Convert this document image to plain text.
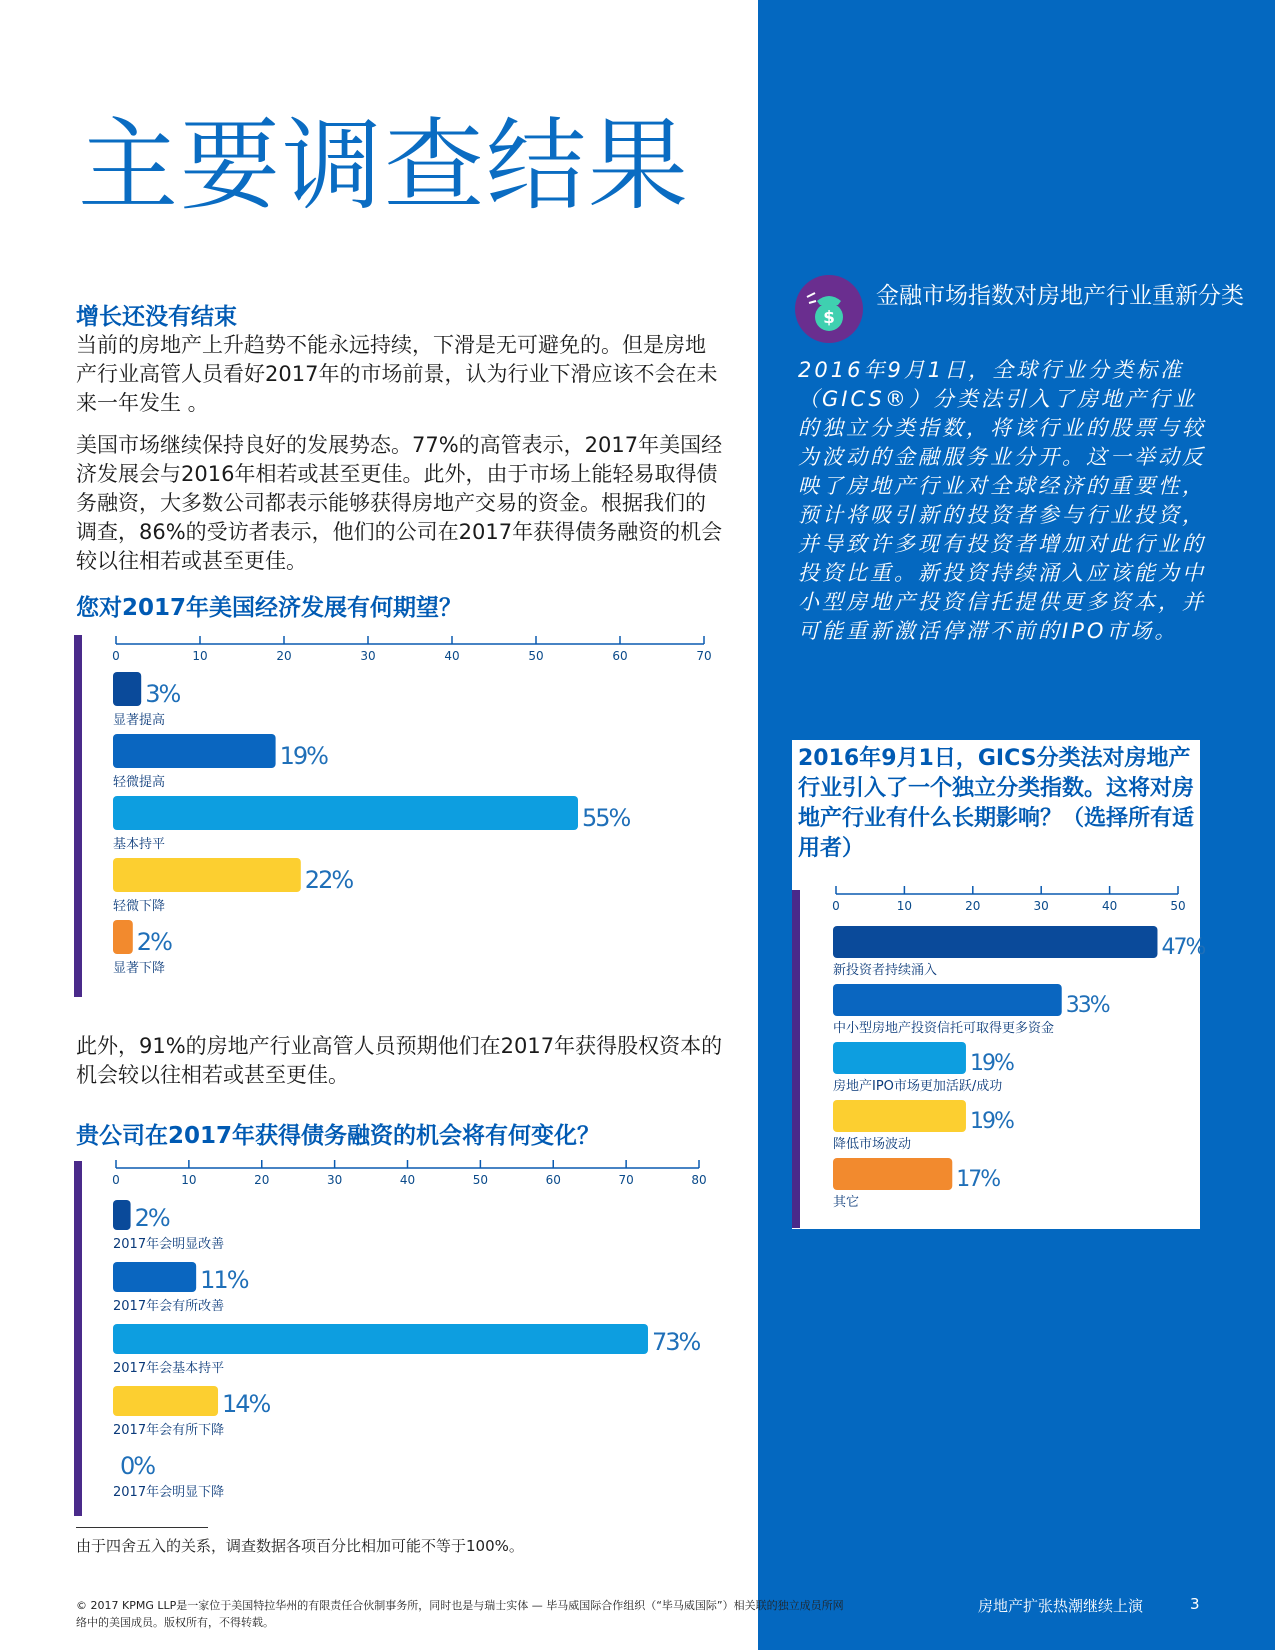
主要调查结果
增长还没有结束

当前的房地产上升趋势不能永远持续，下滑是无可避免的。但是房地产行业高管人员看好2017年的市场前景，认为行业下滑应该不会在未来一年发生 。

美国市场继续保持良好的发展势态。77%的高管表示，2017年美国经济发展会与2016年相若或甚至更佳。此外，由于市场上能轻易取得债务融资，大多数公司都表示能够获得房地产交易的资金。根据我们的调查，86%的受访者表示，他们的公司在2017年获得债务融资的机会较以往相若或甚至更佳。

您对2017年美国经济发展有何期望？
0	10	20	30	40	50	60	70
3%
显著提高
19%
轻微提高
55%
基本持平
22%
轻微下降
2%
显著下降

此外，91%的房地产行业高管人员预期他们在2017年获得股权资本的机会较以往相若或甚至更佳。

贵公司在2017年获得债务融资的机会将有何变化？
0	10	20	30	40	50	60	70	80
2%
2017年会明显改善
11%
2017年会有所改善
73%
2017年会基本持平
14%
2017年会有所下降
0%
2017年会明显下降
由于四舍五入的关系，调查数据各项百分比相加可能不等于100%。
© 2017 KPMG LLP是一家位于美国特拉华州的有限责任合伙制事务所，同时也是与瑞士实体 — 毕马威国际合作组织（“毕马威国际”）相关联的独立成员所网络中的美国成员。版权所有，不得转载。
$
金融市场指数对房地产行业重新分类
2016年9月1日，全球行业分类标准（GICS®）分类法引入了房地产行业的独立分类指数，将该行业的股票与较为波动的金融服务业分开。这一举动反映了房地产行业对全球经济的重要性，预计将吸引新的投资者参与行业投资，并导致许多现有投资者增加对此行业的投资比重。新投资持续涌入应该能为中小型房地产投资信托提供更多资本，并可能重新激活停滞不前的IPO市场。
2016年9月1日，GICS分类法对房地产行业引入了一个独立分类指数。这将对房地产行业有什么长期影响？（选择所有适用者）
0	10	20	30	40	50
47%
新投资者持续涌入
33%
中小型房地产投资信托可取得更多资金
19%
房地产IPO市场更加活跃/成功
19%
降低市场波动
17%
其它
房地产扩张热潮继续上演	3
